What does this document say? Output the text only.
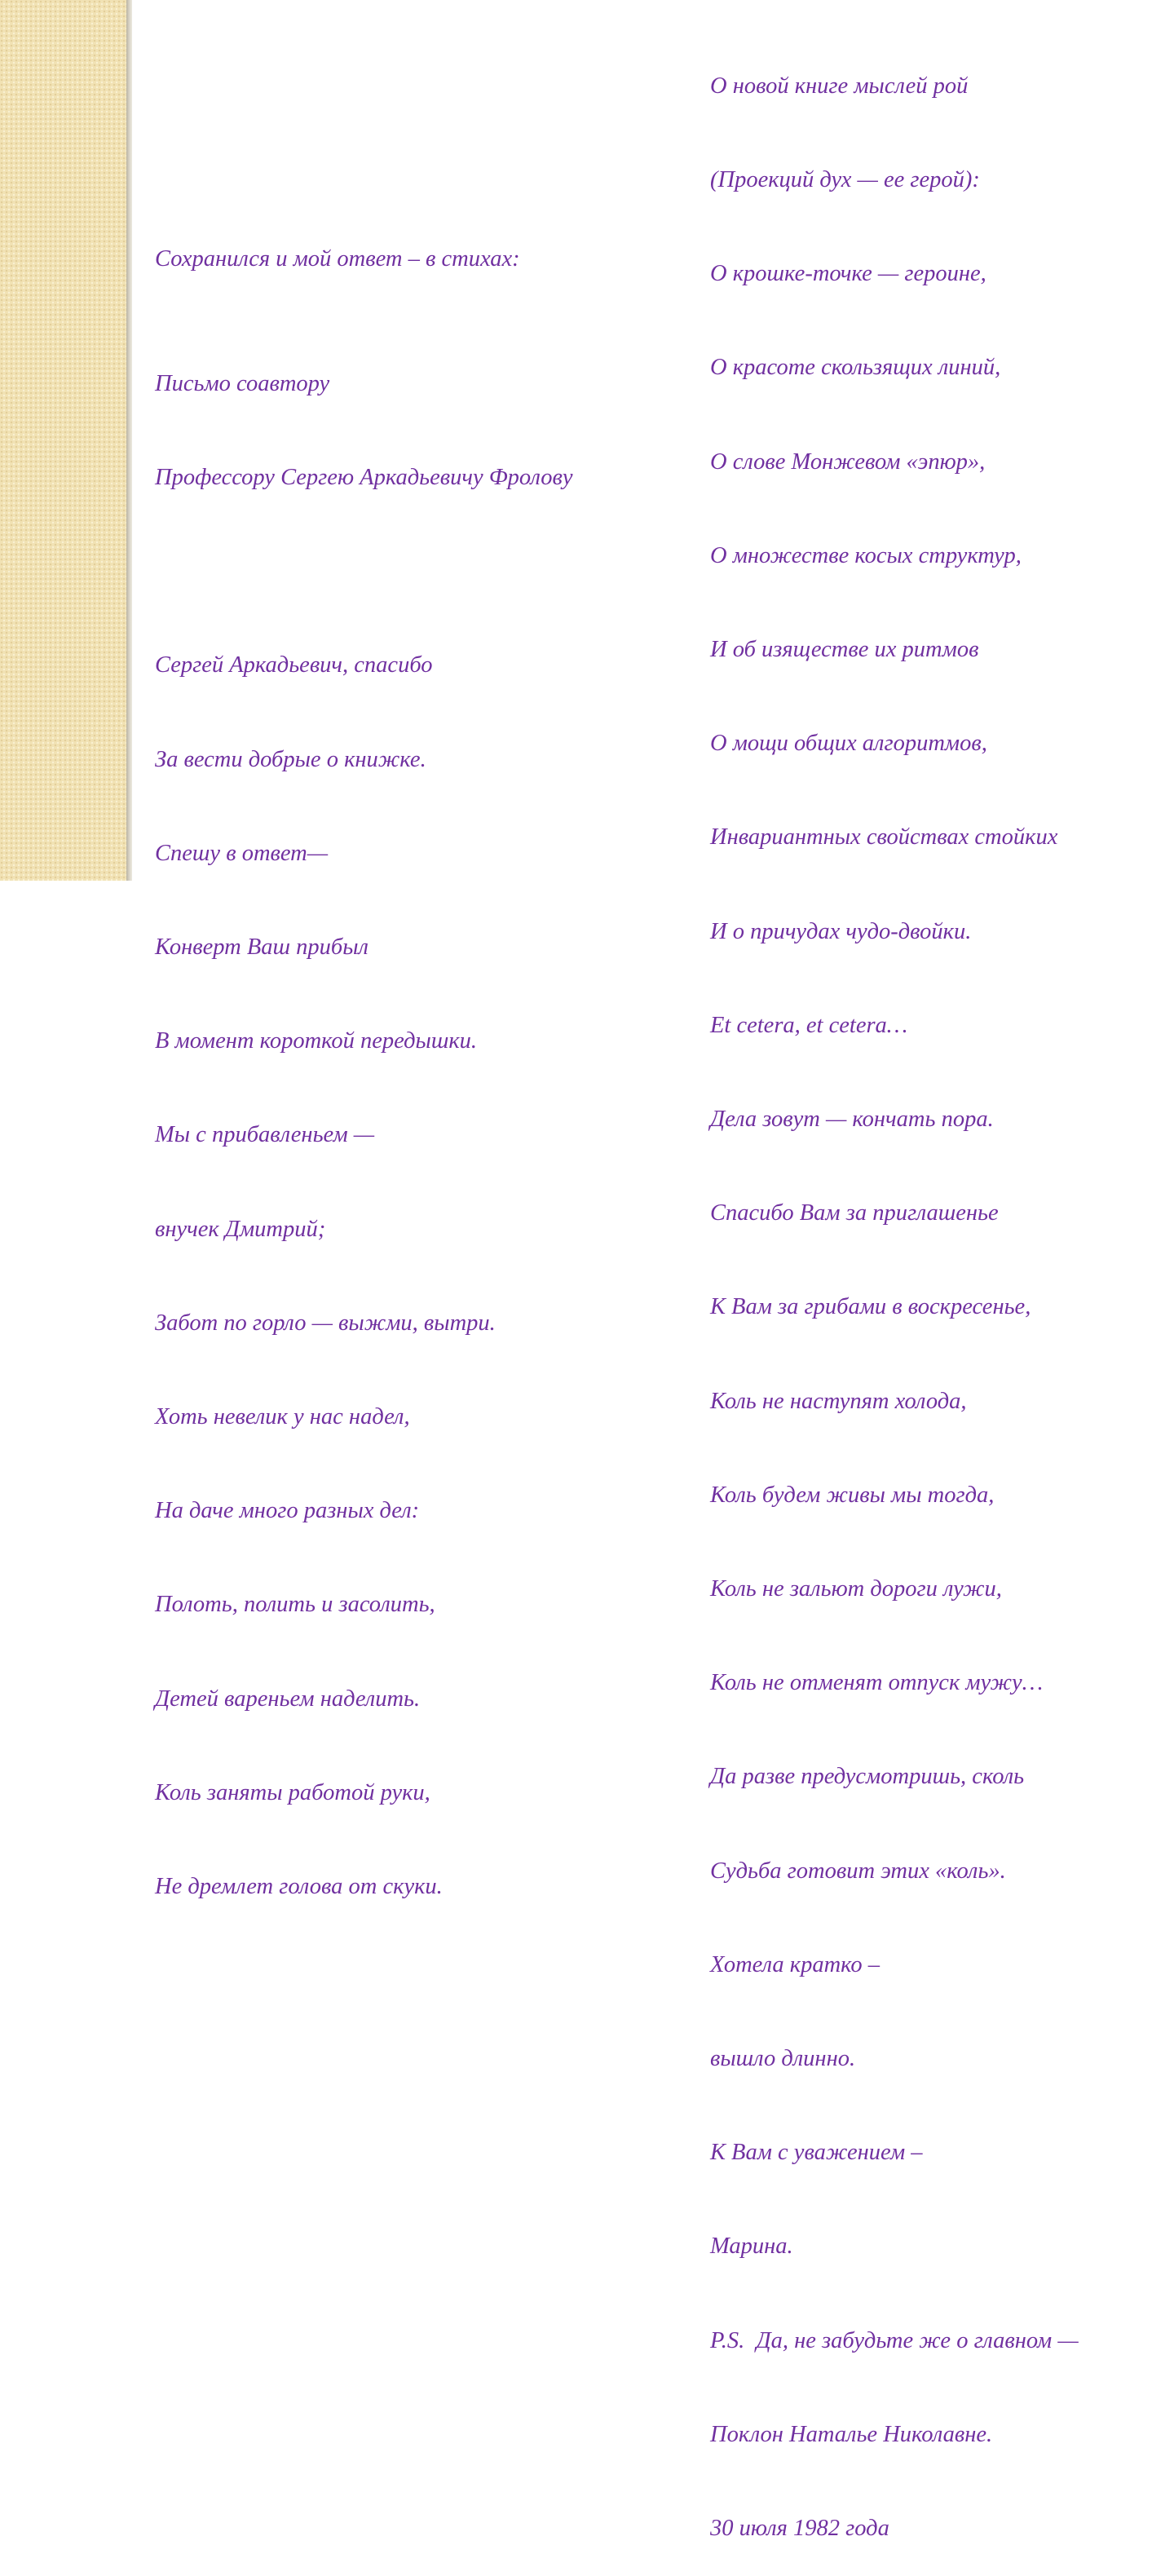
Сохранился и мой ответ – в стихах:

Письмо соавтору

Профессору Сергею Аркадьевичу Фролову

Сергей Аркадьевич, спасибо

За вести добрые о книжке.

Спешу в ответ—

Конверт Ваш прибыл

В момент короткой передышки.

Мы с прибавленьем —

внучек Дмитрий;

Забот по горло — выжми, вытри.

Хоть невелик у нас надел,

На даче много разных дел:

Полоть, полить и засолить,

Детей вареньем наделить.

Коль заняты работой руки,

Не дремлет голова от скуки.

О новой книге мыслей рой

(Проекций дух — ее герой):

О крошке-точке — героине,

О красоте скользящих линий,

О слове Монжевом «эпюр»,

О множестве косых структур,

И об изяществе их ритмов

О мощи общих алгоритмов,

Инвариантных свойствах стойких

И о причудах чудо-двойки.

Et cetera, et cetera…

Дела зовут — кончать пора.

Спасибо Вам за приглашенье

К Вам за грибами в воскресенье,

Коль не наступят холода,

Коль будем живы мы тогда,

Коль не зальют дороги лужи,

Коль не отменят отпуск мужу…

Да разве предусмотришь, сколь

Судьба готовит этих «коль».

Хотела кратко –

вышло длинно.

К Вам с уважением –

Марина.

P.S.  Да, не забудьте же о главном —

Поклон Наталье Николавне.

30 июля 1982 года
